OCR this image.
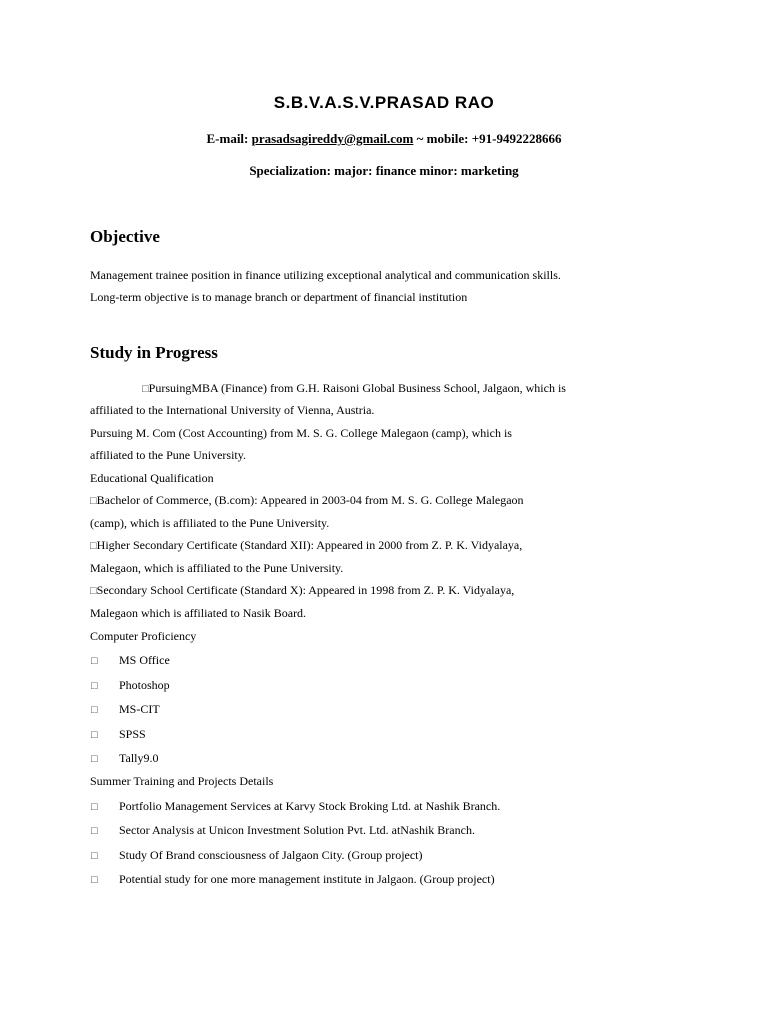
S.B.V.A.S.V.PRASAD RAO
E-mail: prasadsagireddy@gmail.com ~ mobile: +91-9492228666
Specialization: major: finance minor: marketing
Objective
Management trainee position in finance utilizing exceptional analytical and communication skills.
Long-term objective is to manage branch or department of financial institution
Study in Progress
□PursuingMBA (Finance) from G.H. Raisoni Global Business School, Jalgaon, which is
affiliated to the International University of Vienna, Austria.
Pursuing M. Com (Cost Accounting) from M. S. G. College Malegaon (camp), which is
affiliated to the Pune University.
Educational Qualification
□Bachelor of Commerce, (B.com): Appeared in 2003-04 from M. S. G. College Malegaon
(camp), which is affiliated to the Pune University.
□Higher Secondary Certificate (Standard XII): Appeared in 2000 from Z. P. K. Vidyalaya,
Malegaon, which is affiliated to the Pune University.
□Secondary School Certificate (Standard X): Appeared in 1998 from Z. P. K. Vidyalaya,
Malegaon which is affiliated to Nasik Board.
Computer Proficiency
□ MS Office
□ Photoshop
□ MS-CIT
□ SPSS
□ Tally9.0
Summer Training and Projects Details
□ Portfolio Management Services at Karvy Stock Broking Ltd. at Nashik Branch.
□ Sector Analysis at Unicon Investment Solution Pvt. Ltd. atNashik Branch.
□ Study Of Brand consciousness of Jalgaon City. (Group project)
□ Potential study for one more management institute in Jalgaon. (Group project)
